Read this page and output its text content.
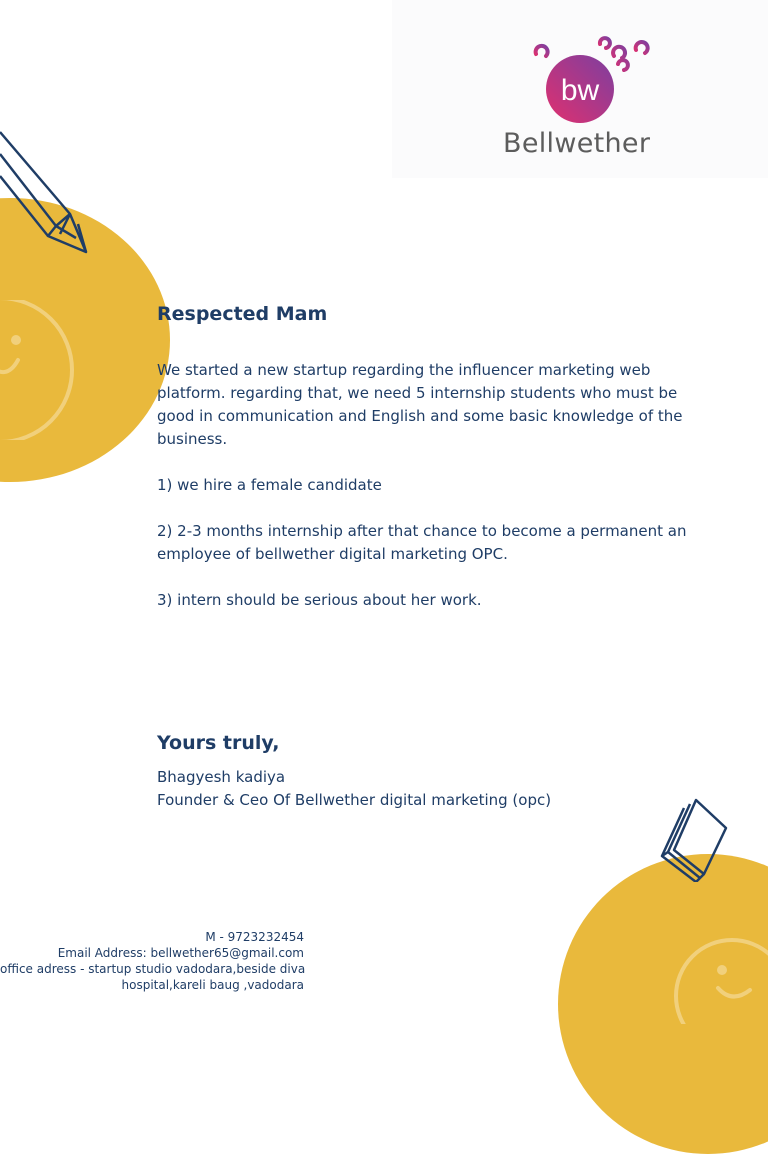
bw
Bellwether
Respected Mam

We started a new startup regarding the influencer marketing web platform. regarding that, we need 5 internship students who must be good in communication and English and some basic knowledge of the business.

1) we hire a female candidate

2) 2-3 months internship after that chance to become a permanent an employee of bellwether digital marketing OPC.

3) intern should be serious about her work.

Yours truly,
Bhagyesh kadiya
Founder & Ceo Of Bellwether digital marketing (opc)
M - 9723232454
Email Address: bellwether65@gmail.com
office adress - startup studio vadodara,beside diva
hospital,kareli baug ,vadodara
